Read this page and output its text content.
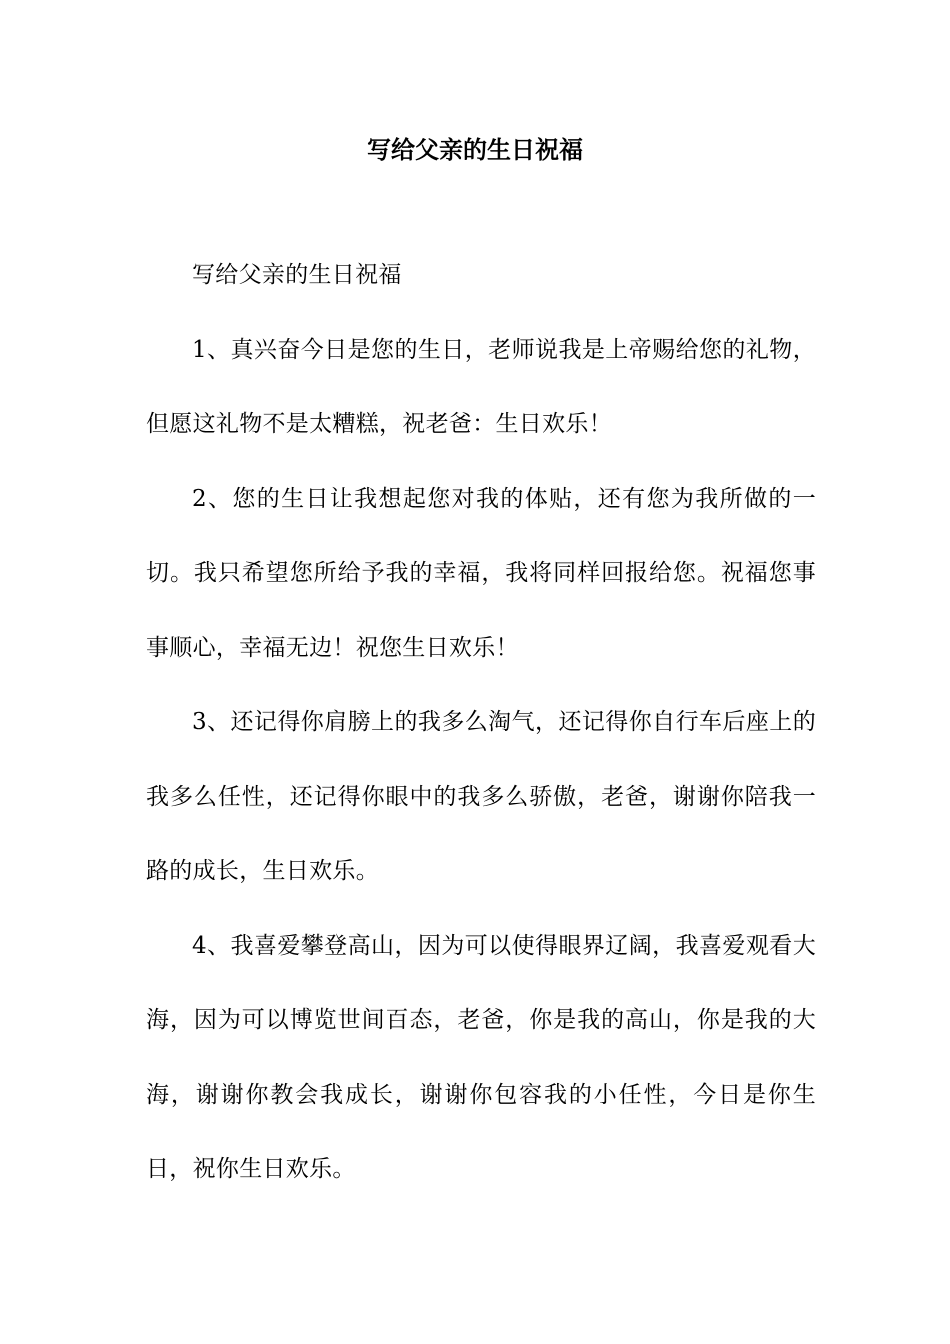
写给父亲的生日祝福

写给父亲的生日祝福

1、真兴奋今日是您的生日，老师说我是上帝赐给您的礼物，但愿这礼物不是太糟糕，祝老爸：生日欢乐！

2、您的生日让我想起您对我的体贴，还有您为我所做的一切。我只希望您所给予我的幸福，我将同样回报给您。祝福您事事顺心，幸福无边！祝您生日欢乐！

3、还记得你肩膀上的我多么淘气，还记得你自行车后座上的我多么任性，还记得你眼中的我多么骄傲，老爸，谢谢你陪我一路的成长，生日欢乐。

4、我喜爱攀登高山，因为可以使得眼界辽阔，我喜爱观看大海，因为可以博览世间百态，老爸，你是我的高山，你是我的大海，谢谢你教会我成长，谢谢你包容我的小任性，今日是你生日，祝你生日欢乐。
